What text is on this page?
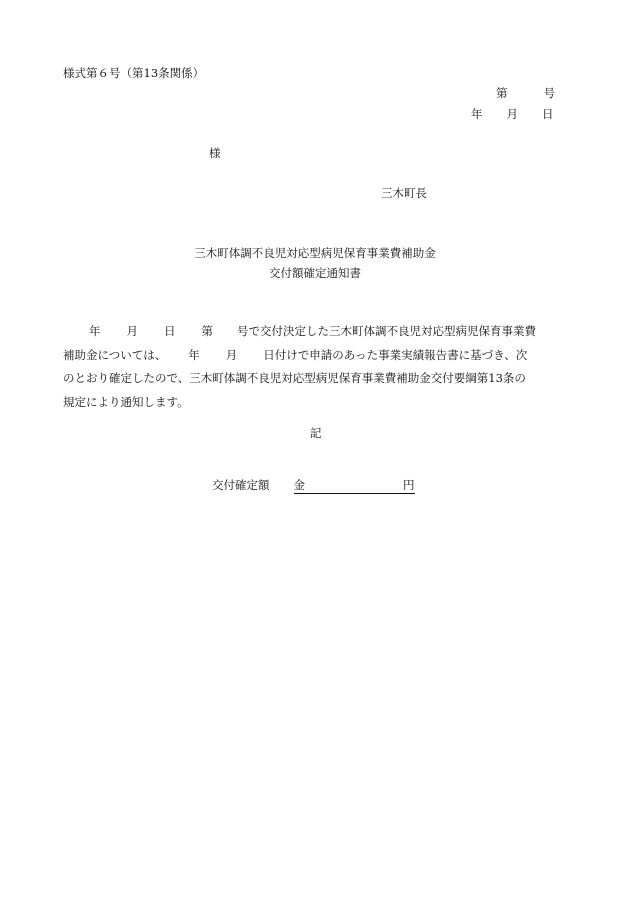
様式第６号（第13条関係）
第	号
年 月 日
様
三木町長
三木町体調不良児対応型病児保育事業費補助金
交付額確定通知書
年 月 日 第 号で交付決定した三木町体調不良児対応型病児保育事業費
補助金については、 年 月 日付けで申請のあった事業実績報告書に基づき、次
のとおり確定したので、三木町体調不良児対応型病児保育事業費補助金交付要綱第13条の
規定により通知します。
記
交付確定額 金	円
